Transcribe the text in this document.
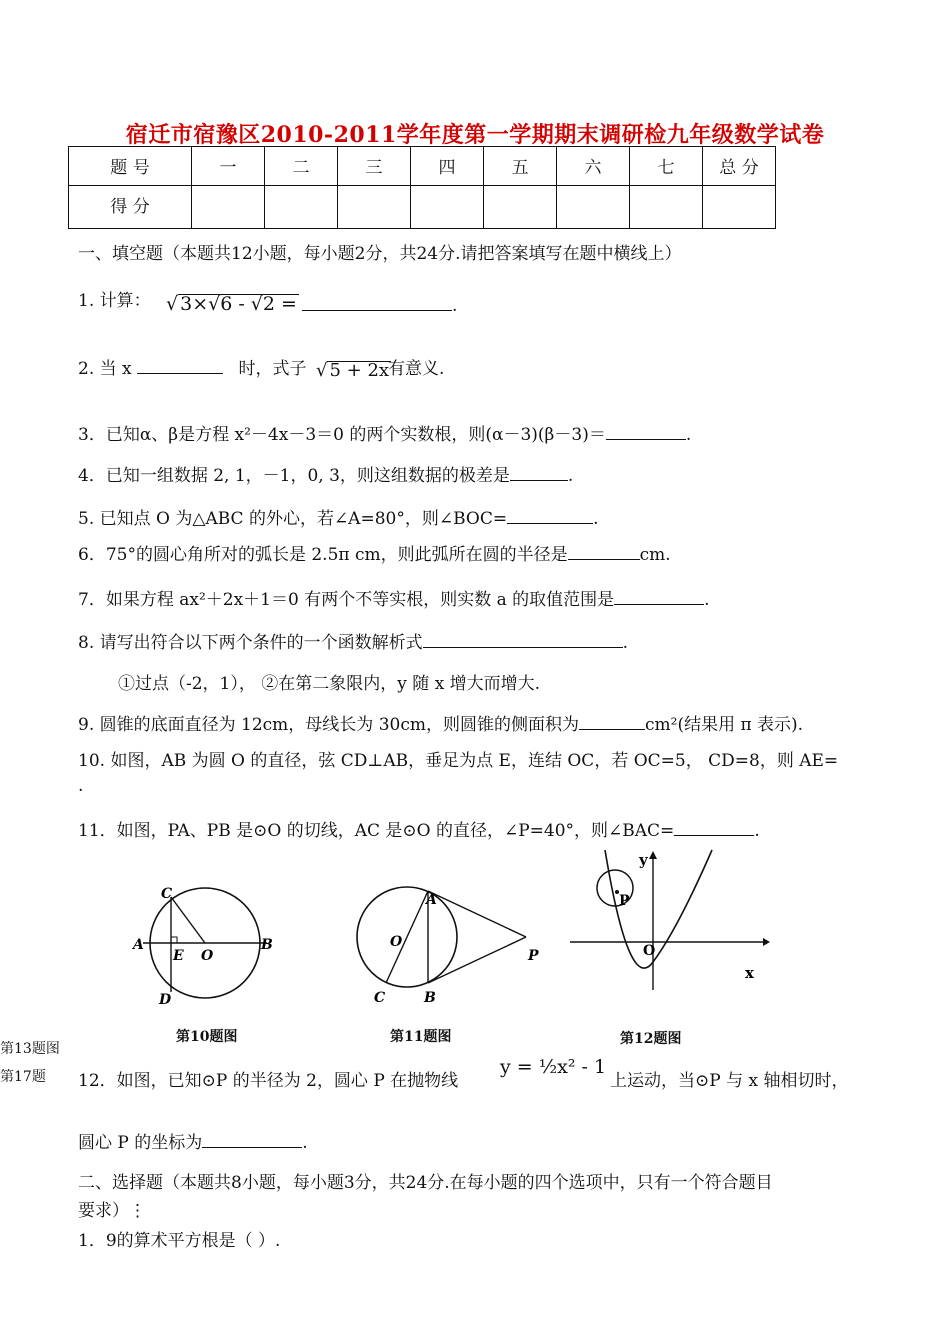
宿迁市宿豫区2010-2011学年度第一学期期末调研检九年级数学试卷
题 号	一	二	三	四	五	六	七	总 分
得 分								
一、填空题（本题共12小题，每小题2分，共24分.请把答案填写在题中横线上）
1. 计算： √ 3×√6 - √2 =	.
2. 当 x	时，式子 √ 5 + 2x
有意义.
3．已知α、β是方程 x²－4x－3＝0 的两个实数根，则(α－3)(β－3)＝	.
4．已知一组数据 2, 1，－1，0, 3，则这组数据的极差是	.
5. 已知点 O 为△ABC 的外心，若∠A=80°，则∠BOC=	.
6．75°的圆心角所对的弧长是 2.5π cm，则此弧所在圆的半径是	cm.
7．如果方程 ax²＋2x＋1＝0 有两个不等实根，则实数 a 的取值范围是	.
8. 请写出符合以下两个条件的一个函数解析式	.
①过点（-2，1）， ②在第二象限内，y 随 x 增大而增大.
9. 圆锥的底面直径为 12cm，母线长为 30cm，则圆锥的侧面积为	cm²(结果用 π 表示).
10. 如图，AB 为圆 O 的直径，弦 CD⊥AB，垂足为点 E，连结 OC，若 OC=5， CD=8，则 AE=
.
11．如图，PA、PB 是⊙O 的切线，AC 是⊙O 的直径，∠P=40°，则∠BAC=	.
C
A
E O
B
D
第10题图
A
O
P
C	B
第11题图
y
P
O
x
第12题图
第13题图
第17题 12．如图，已知⊙P 的半径为 2，圆心 P 在抛物线
y = ½x² - 1
上运动，当⊙P 与 x 轴相切时，
圆心 P 的坐标为	.
二、选择题（本题共8小题，每小题3分，共24分.在每小题的四个选项中，只有一个符合题目
要求）⋮
1．9的算术平方根是（ ）.
